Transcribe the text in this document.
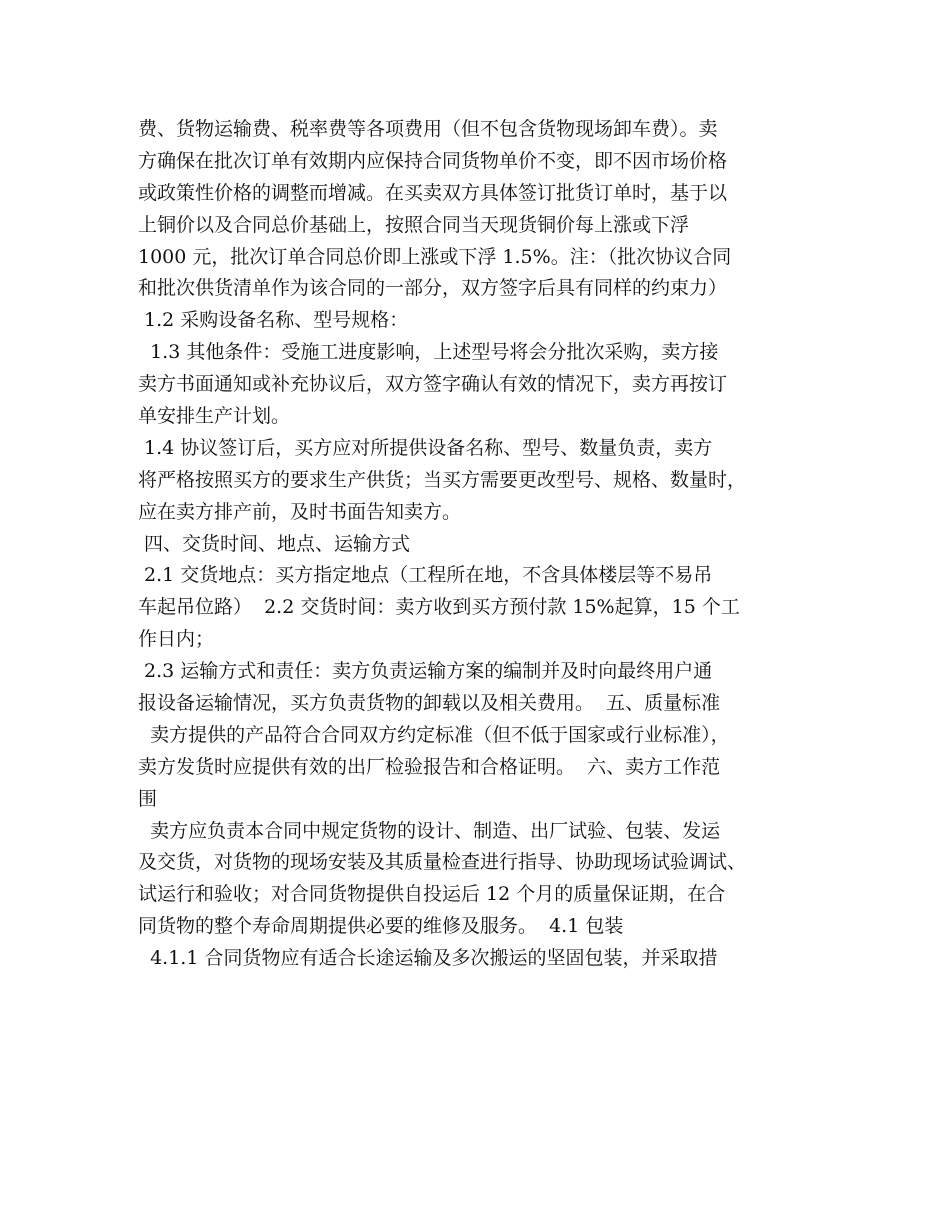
费、货物运输费、税率费等各项费用（但不包含货物现场卸车费）。卖
方确保在批次订单有效期内应保持合同货物单价不变，即不因市场价格
或政策性价格的调整而增减。在买卖双方具体签订批货订单时，基于以
上铜价以及合同总价基础上，按照合同当天现货铜价每上涨或下浮
1000 元，批次订单合同总价即上涨或下浮 1.5%。注：（批次协议合同
和批次供货清单作为该合同的一部分，双方签字后具有同样的约束力）
1.2 采购设备名称、型号规格：
1.3 其他条件：受施工进度影响，上述型号将会分批次采购，卖方接
卖方书面通知或补充协议后，双方签字确认有效的情况下，卖方再按订
单安排生产计划。
1.4 协议签订后，买方应对所提供设备名称、型号、数量负责，卖方
将严格按照买方的要求生产供货；当买方需要更改型号、规格、数量时，
应在卖方排产前，及时书面告知卖方。
四、交货时间、地点、运输方式
2.1 交货地点：买方指定地点（工程所在地，不含具体楼层等不易吊
车起吊位路）  2.2 交货时间：卖方收到买方预付款 15%起算，15 个工
作日内；
2.3 运输方式和责任：卖方负责运输方案的编制并及时向最终用户通
报设备运输情况，买方负责货物的卸载以及相关费用。  五、质量标准
卖方提供的产品符合合同双方约定标准（但不低于国家或行业标准），
卖方发货时应提供有效的出厂检验报告和合格证明。  六、卖方工作范
围
卖方应负责本合同中规定货物的设计、制造、出厂试验、包装、发运
及交货，对货物的现场安装及其质量检查进行指导、协助现场试验调试、
试运行和验收；对合同货物提供自投运后 12 个月的质量保证期，在合
同货物的整个寿命周期提供必要的维修及服务。  4.1 包装
4.1.1 合同货物应有适合长途运输及多次搬运的坚固包装，并采取措
